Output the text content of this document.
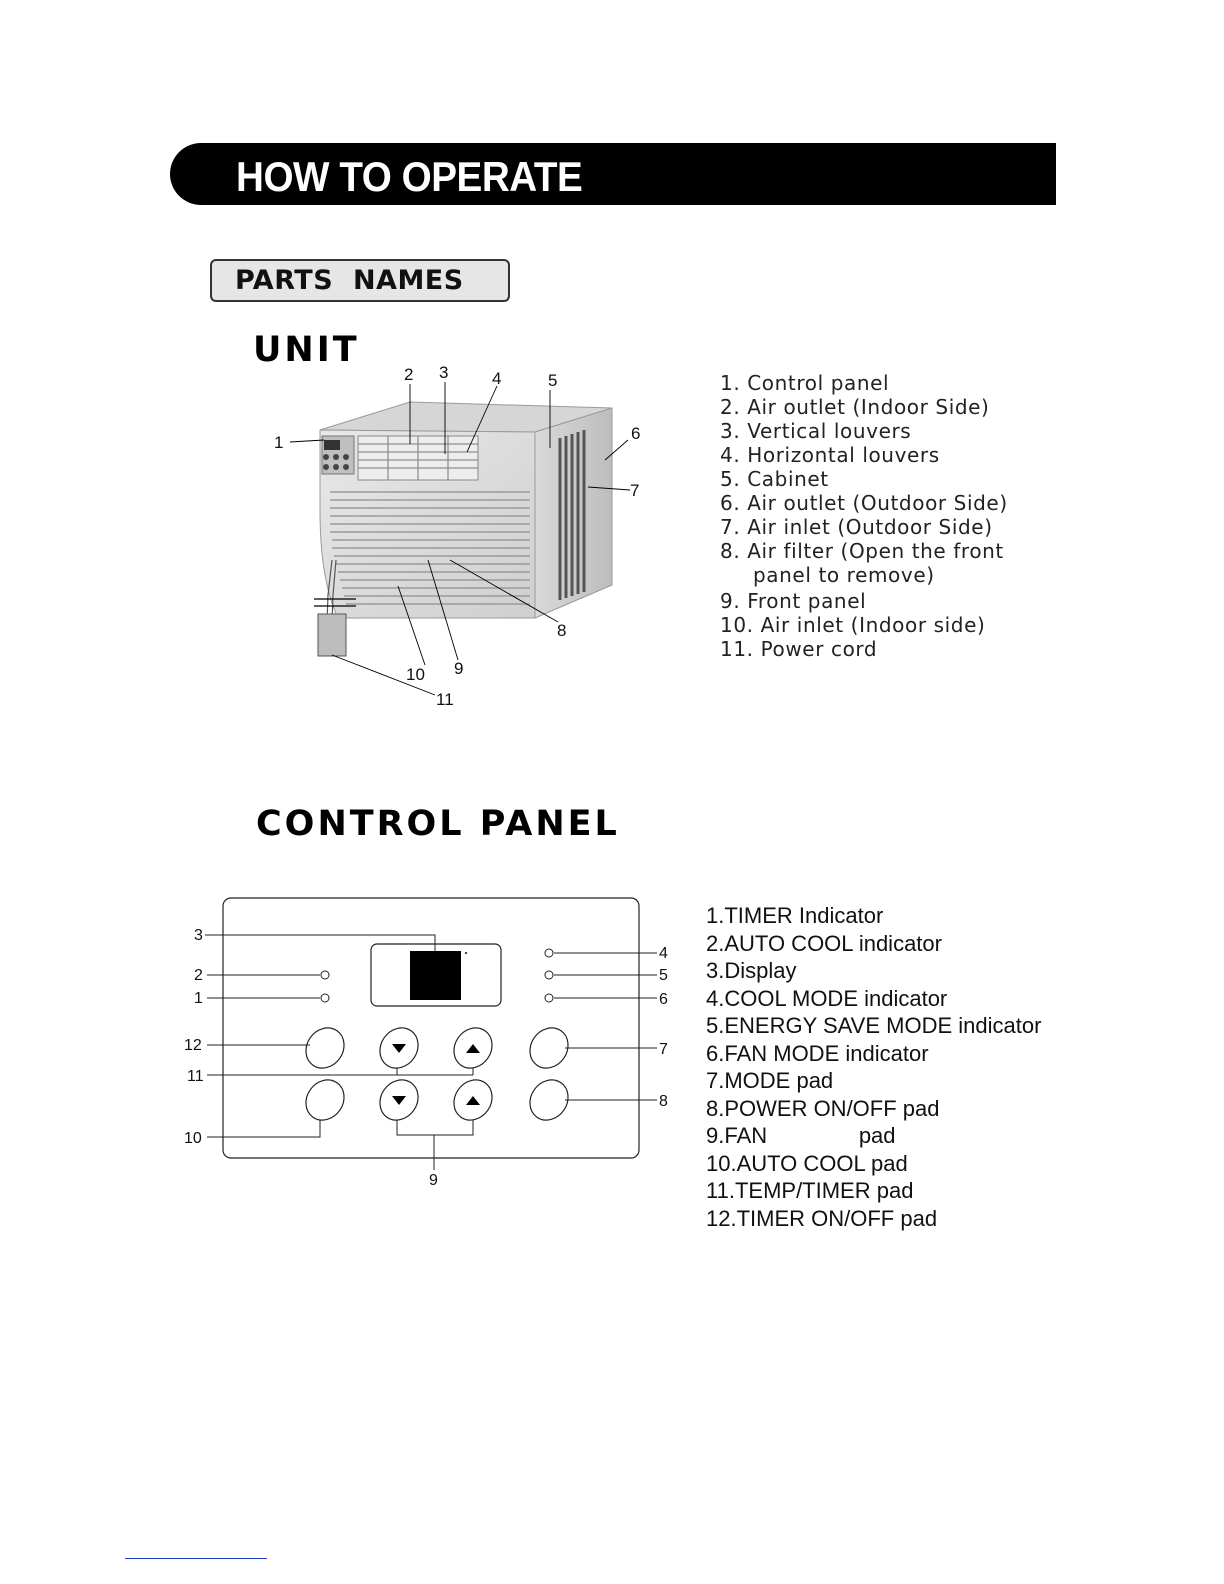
HOW TO OPERATE
PARTS  NAMES
UNIT
1
2 3	4	5
6
7
8
9
10
11
1. Control panel
2. Air outlet (Indoor Side)
3. Vertical louvers
4. Horizontal louvers
5. Cabinet
6. Air outlet (Outdoor Side)
7. Air inlet (Outdoor Side)
8. Air filter (Open the front
panel to remove)
9. Front panel
10. Air inlet (Indoor side)
11. Power cord
CONTROL PANEL
3
2
1
4
5
6
12
11
7
8
10
9
1.TIMER Indicator
2.AUTO COOL indicator
3.Display
4.COOL MODE indicator
5.ENERGY SAVE MODE indicator
6.FAN MODE indicator
7.MODE pad
8.POWER ON/OFF pad
9.FAN               pad
10.AUTO COOL pad
11.TEMP/TIMER pad
12.TIMER ON/OFF pad
